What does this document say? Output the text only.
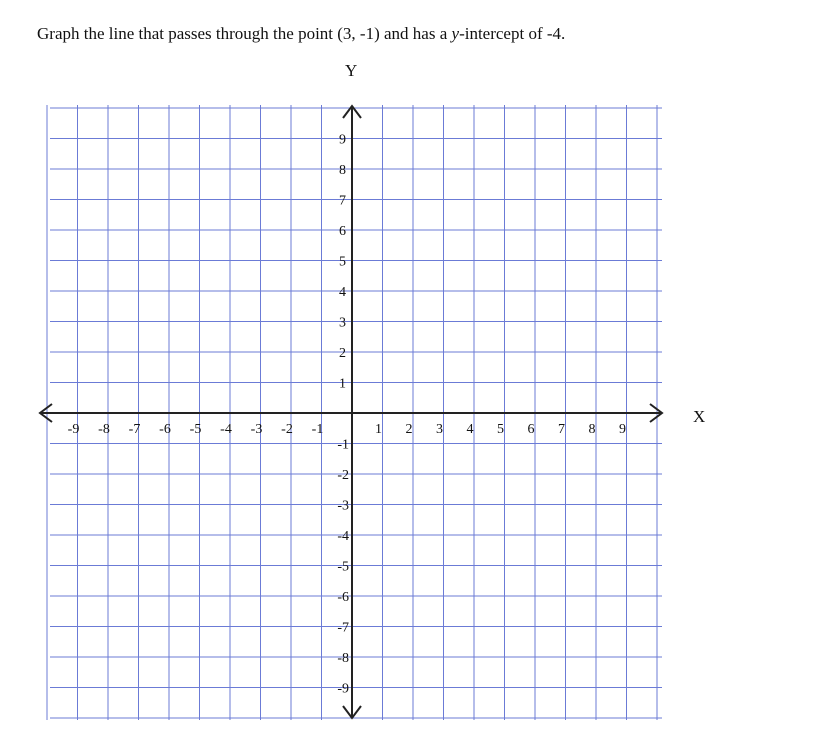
Graph the line that passes through the point (3, -1) and has a y-intercept of -4.

-9 -8 -7 -6 -5 -4 -3 -2 -1	1 2 3 4 5 6 7 8 9
9
8
7
6
5
4
3
2
1
-1
-2
-3
-4
-5
-6
-7
-8
-9
X
Y
